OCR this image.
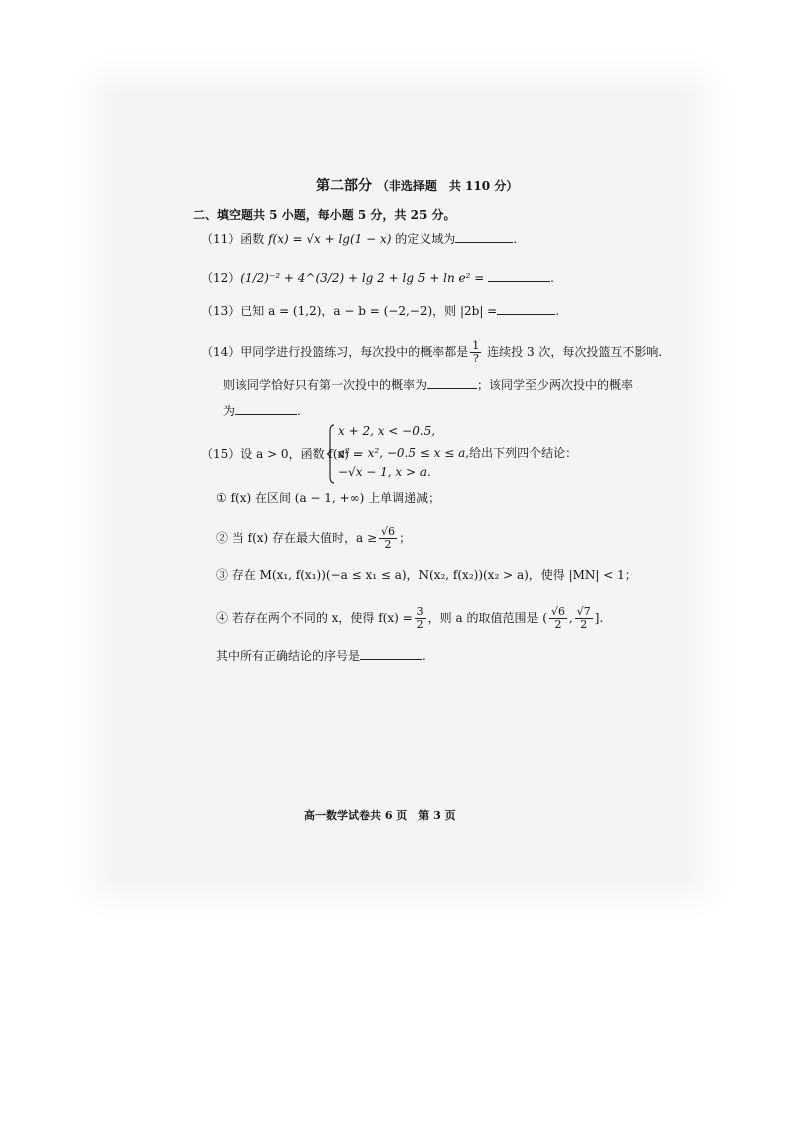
第二部分 （非选择题　共 110 分）
二、填空题共 5 小题，每小题 5 分，共 25 分。
（11）函数 f(x) = √x + lg(1 − x) 的定义域为	.
（12）(1/2)⁻² + 4^(3/2) + lg 2 + lg 5 + ln e² =	.
（13）已知 a = (1,2)，a − b = (−2,−2)，则 |2b| =	.
（14）甲同学进行投篮练习，每次投中的概率都是 $\frac{1}{?}$ 连续投 3 次，每次投篮互不影响.
则该同学恰好只有第一次投中的概率为	；该同学至少两次投中的概率
为	.
（15）设 a > 0，函数 f(x) =
x + 2, x < −0.5,
a² − x², −0.5 ≤ x ≤ a,给出下列四个结论：
−√x − 1, x > a.
① f(x) 在区间 (a − 1, +∞) 上单调递减；
② 当 f(x) 存在最大值时，$a \ge \frac{√6}{2}$ ；
③ 存在 M(x₁, f(x₁))(−a ≤ x₁ ≤ a)，N(x₂, f(x₂))(x₂ > a)，使得 |MN| < 1；
④ 若存在两个不同的 x，使得 $f(x) = \frac{3}{2}$ ，则 a 的取值范围是 ( $\frac{√6}{2}$ , $\frac{√7}{2}$ ].
其中所有正确结论的序号是	.
高一数学试卷共 6 页　第 3 页
